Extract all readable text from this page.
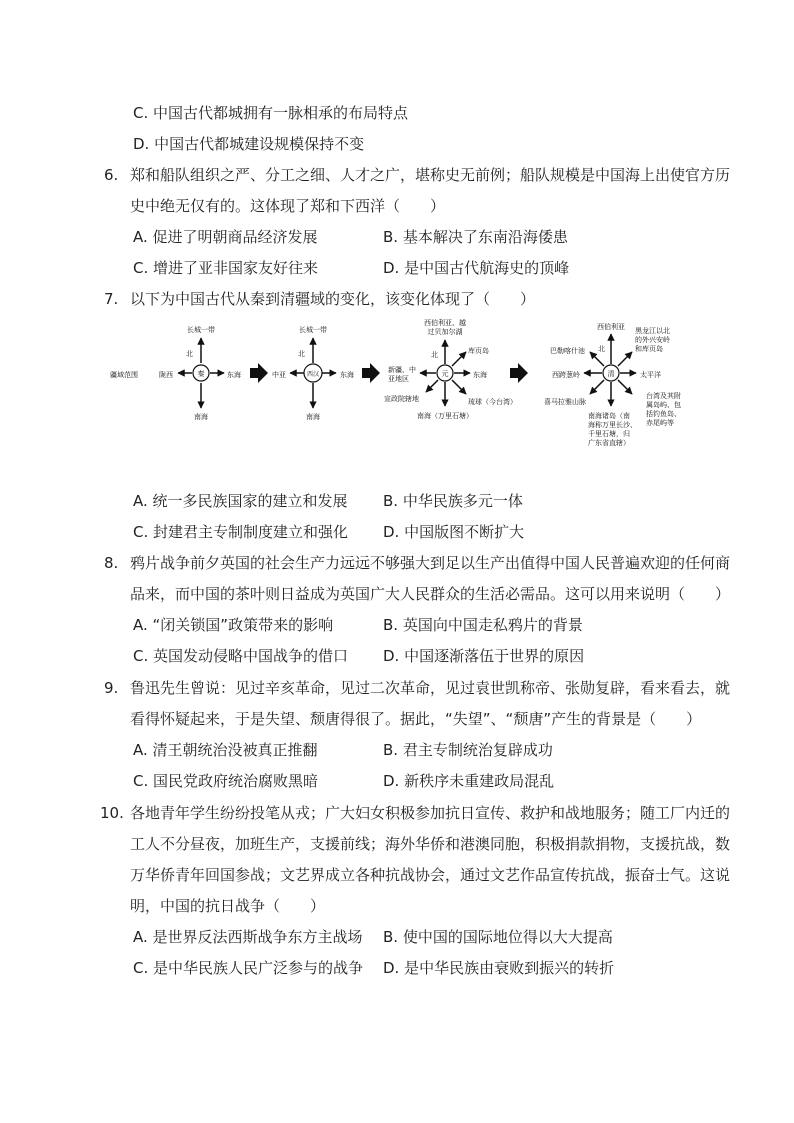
C. 中国古代都城拥有一脉相承的布局特点
D. 中国古代都城建设规模保持不变
6. 郑和船队组织之严、分工之细、人才之广，堪称史无前例；船队规模是中国海上出使官方历
史中绝无仅有的。这体现了郑和下西洋（　　）
A. 促进了明朝商品经济发展	B. 基本解决了东南沿海倭患
C. 增进了亚非国家友好往来	D. 是中国古代航海史的顶峰
7. 以下为中国古代从秦到清疆域的变化，该变化体现了（　　）
疆域范围	秦
长城一带
北
陇西	东海
南海
西汉
长城一带
北
中亚	东海
南海
元
西伯利亚、越
过贝加尔湖
北	库页岛
新疆、中
亚地区	东海
宣政院辖地	琉球（今台湾）
南海（万里石塘）
清
西伯利亚
巴勒喀什池 北
黑龙江以北
的外兴安岭
和库页岛
太平洋
西跨葱岭
台湾及其附
属岛屿、包
括钓鱼岛、
赤尾屿等
喜马拉雅山脉
南海诸岛（南
海称万里长沙、
千里石塘，归
广东省直辖）
A. 统一多民族国家的建立和发展 B. 中华民族多元一体
C. 封建君主专制制度建立和强化 D. 中国版图不断扩大
8. 鸦片战争前夕英国的社会生产力远远不够强大到足以生产出值得中国人民普遍欢迎的任何商
品来，而中国的茶叶则日益成为英国广大人民群众的生活必需品。这可以用来说明（　　）
A. “闭关锁国”政策带来的影响	B. 英国向中国走私鸦片的背景
C. 英国发动侵略中国战争的借口 D. 中国逐渐落伍于世界的原因
9. 鲁迅先生曾说：见过辛亥革命，见过二次革命，见过袁世凯称帝、张勋复辟，看来看去，就
看得怀疑起来，于是失望、颓唐得很了。据此，“失望”、“颓唐”产生的背景是（　　）
A. 清王朝统治没被真正推翻	B. 君主专制统治复辟成功
C. 国民党政府统治腐败黑暗	D. 新秩序未重建政局混乱
10. 各地青年学生纷纷投笔从戎；广大妇女积极参加抗日宣传、救护和战地服务；随工厂内迁的
工人不分昼夜，加班生产，支援前线；海外华侨和港澳同胞，积极捐款捐物，支援抗战，数
万华侨青年回国参战；文艺界成立各种抗战协会，通过文艺作品宣传抗战，振奋士气。这说
明，中国的抗日战争（　　）
A. 是世界反法西斯战争东方主战场 B. 使中国的国际地位得以大大提高
C. 是中华民族人民广泛参与的战争 D. 是中华民族由衰败到振兴的转折
